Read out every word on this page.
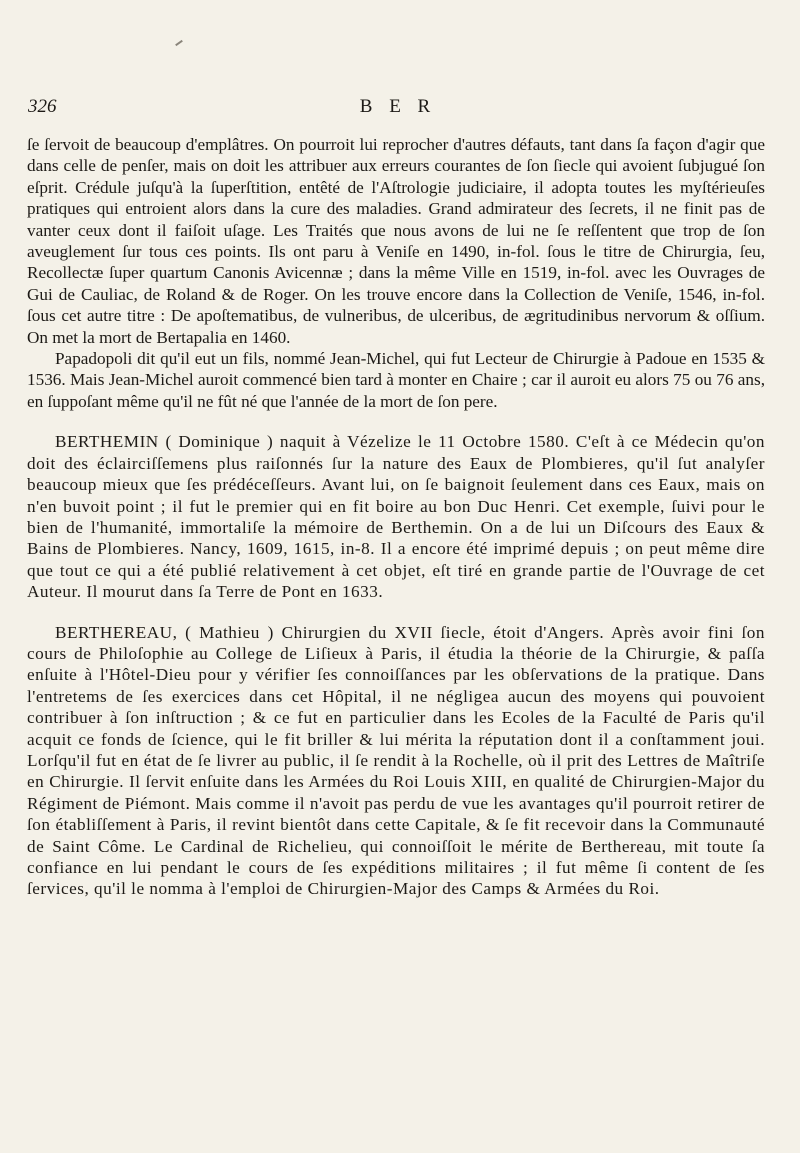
326	B E R

ſe ſervoit de beaucoup d'emplâtres. On pourroit lui reprocher d'autres défauts, tant dans ſa façon d'agir que dans celle de penſer, mais on doit les attribuer aux erreurs courantes de ſon ſiecle qui avoient ſubjugué ſon eſprit. Crédule juſqu'à la ſuperſtition, entêté de l'Aſtrologie judiciaire, il adopta toutes les myſtérieuſes pratiques qui entroient alors dans la cure des maladies. Grand admirateur des ſecrets, il ne finit pas de vanter ceux dont il faiſoit uſage. Les Traités que nous avons de lui ne ſe reſſentent que trop de ſon aveuglement ſur tous ces points. Ils ont paru à Veniſe en 1490, in-fol. ſous le titre de Chirurgia, ſeu, Recollectæ ſuper quartum Canonis Avicennæ ; dans la même Ville en 1519, in-fol. avec les Ouvrages de Gui de Cauliac, de Roland & de Roger. On les trouve encore dans la Collection de Veniſe, 1546, in-fol. ſous cet autre titre : De apoſtematibus, de vulneribus, de ulceribus, de ægritudinibus nervorum & oſſium. On met la mort de Bertapalia en 1460.

Papadopoli dit qu'il eut un fils, nommé Jean-Michel, qui fut Lecteur de Chirurgie à Padoue en 1535 & 1536. Mais Jean-Michel auroit commencé bien tard à monter en Chaire ; car il auroit eu alors 75 ou 76 ans, en ſuppoſant même qu'il ne fût né que l'année de la mort de ſon pere.

BERTHEMIN ( Dominique ) naquit à Vézelize le 11 Octobre 1580. C'eſt à ce Médecin qu'on doit des éclairciſſemens plus raiſonnés ſur la nature des Eaux de Plombieres, qu'il ſut analyſer beaucoup mieux que ſes prédéceſſeurs. Avant lui, on ſe baignoit ſeulement dans ces Eaux, mais on n'en buvoit point ; il fut le premier qui en fit boire au bon Duc Henri. Cet exemple, ſuivi pour le bien de l'humanité, immortaliſe la mémoire de Berthemin. On a de lui un Diſcours des Eaux & Bains de Plombieres. Nancy, 1609, 1615, in-8. Il a encore été imprimé depuis ; on peut même dire que tout ce qui a été publié relativement à cet objet, eſt tiré en grande partie de l'Ouvrage de cet Auteur. Il mourut dans ſa Terre de Pont en 1633.

BERTHEREAU, ( Mathieu ) Chirurgien du XVII ſiecle, étoit d'Angers. Après avoir fini ſon cours de Philoſophie au College de Liſieux à Paris, il étudia la théorie de la Chirurgie, & paſſa enſuite à l'Hôtel-Dieu pour y vérifier ſes connoiſſances par les obſervations de la pratique. Dans l'entretems de ſes exercices dans cet Hôpital, il ne négligea aucun des moyens qui pouvoient contribuer à ſon inſtruction ; & ce fut en particulier dans les Ecoles de la Faculté de Paris qu'il acquit ce fonds de ſcience, qui le fit briller & lui mérita la réputation dont il a conſtamment joui. Lorſqu'il fut en état de ſe livrer au public, il ſe rendit à la Rochelle, où il prit des Lettres de Maîtriſe en Chirurgie. Il ſervit enſuite dans les Armées du Roi Louis XIII, en qualité de Chirurgien-Major du Régiment de Piémont. Mais comme il n'avoit pas perdu de vue les avantages qu'il pourroit retirer de ſon établiſſement à Paris, il revint bientôt dans cette Capitale, & ſe fit recevoir dans la Communauté de Saint Côme. Le Cardinal de Richelieu, qui connoiſſoit le mérite de Berthereau, mit toute ſa confiance en lui pendant le cours de ſes expéditions militaires ; il fut même ſi content de ſes ſervices, qu'il le nomma à l'emploi de Chirurgien-Major des Camps & Armées du Roi.
